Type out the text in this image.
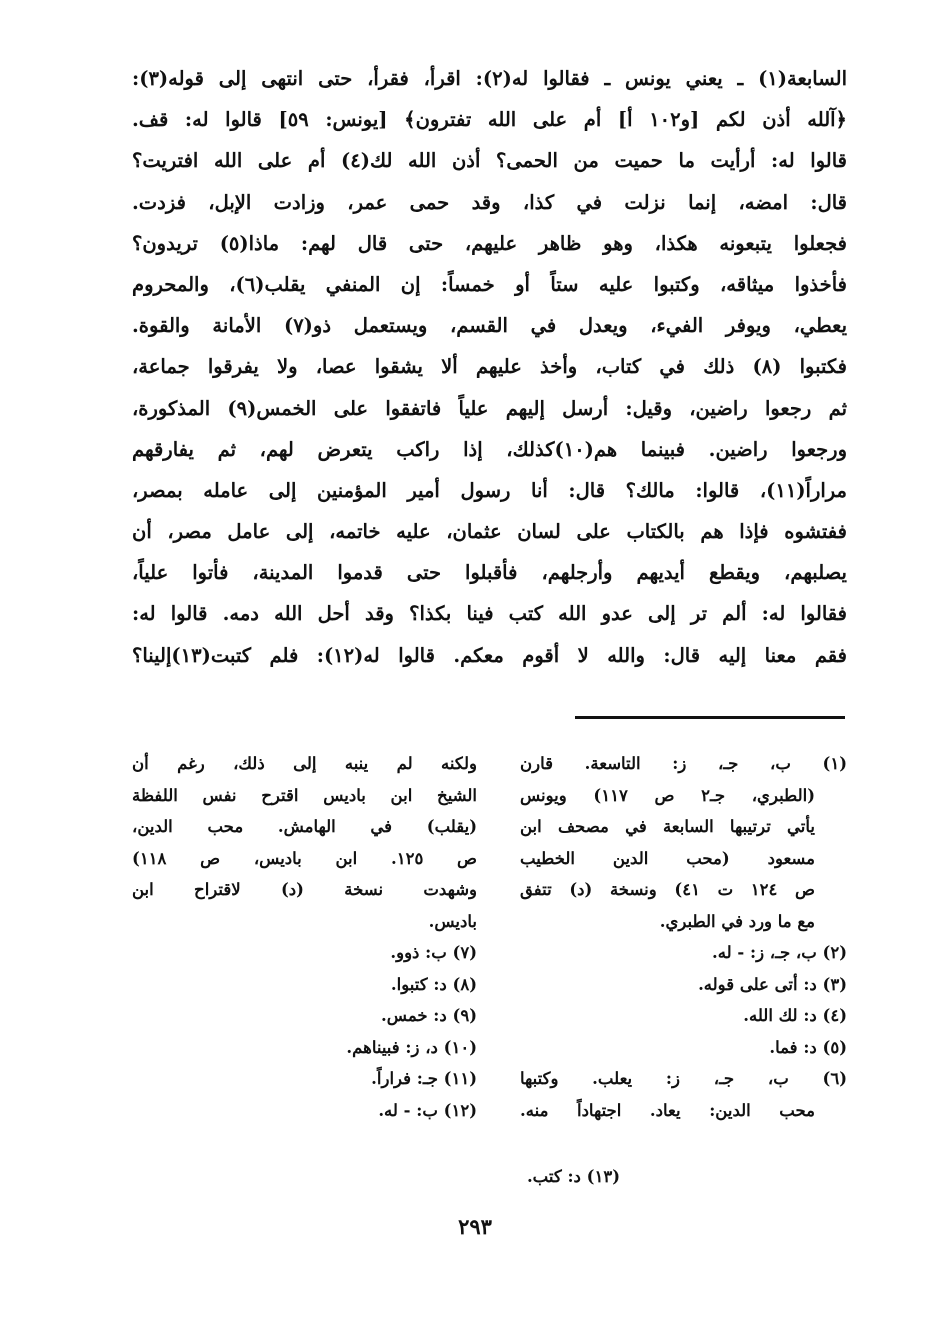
السابعة(١) ـ يعني يونس ـ فقالوا له(٢): اقرأ، فقرأ، حتى انتهى إلى قوله(٣):
﴿آلله أذن لكم [و١٠٢ أ] أم على الله تفترون﴾ [يونس: ٥٩] قالوا له: قف.
قالوا له: أرأيت ما حميت من الحمى؟ أذن الله لك(٤) أم على الله افتريت؟
قال: امضه، إنما نزلت في كذا، وقد حمى عمر، وزادت الإبل، فزدت.
فجعلوا يتبعونه هكذا، وهو ظاهر عليهم، حتى قال لهم: ماذا(٥) تريدون؟
فأخذوا ميثاقه، وكتبوا عليه ستاً أو خمساً: إن المنفي يقلب(٦)، والمحروم
يعطي، ويوفر الفيء، ويعدل في القسم، ويستعمل ذو(٧) الأمانة والقوة.
فكتبوا (٨) ذلك في كتاب، وأخذ عليهم ألا يشقوا عصا، ولا يفرقوا جماعة،
ثم رجعوا راضين، وقيل: أرسل إليهم علياً فاتفقوا على الخمس(٩) المذكورة،
ورجعوا راضين. فبينما هم(١٠)كذلك، إذا راكب يتعرض لهم، ثم يفارقهم
مراراً(١١)، قالوا: مالك؟ قال: أنا رسول أمير المؤمنين إلى عامله بمصر،
ففتشوه فإذا هم بالكتاب على لسان عثمان، عليه خاتمه، إلى عامل مصر، أن
يصلبهم، ويقطع أيديهم وأرجلهم، فأقبلوا حتى قدموا المدينة، فأتوا علياً،
فقالوا له: ألم تر إلى عدو الله كتب فينا بكذا؟ وقد أحل الله دمه. قالوا له:
فقم معنا إليه قال: والله لا أقوم معكم. قالوا له(١٢): فلم كتبت(١٣)إلينا؟
(١) ب، جـ، ز: التاسعة. قارن
(الطبري، جـ٢ ص ١١٧) ويونس
يأتي ترتيبها السابعة في مصحف ابن
مسعود (محب الدين الخطيب
ص ١٢٤ ت ٤١) ونسخة (د) تتفق
مع ما ورد في الطبري.
(٢) ب، جـ، ز: - له.
(٣) د: أتى على قوله.
(٤) د: لك الله.
(٥) د: فما.
(٦) ب، جـ، ز: يعلب. وكتبها
محب الدين: يعاد. اجتهاداً منه.
ولكنه لم ينبه إلى ذلك، رغم أن
الشيخ ابن باديس اقترح نفس اللفظة
(يقلب) في الهامش. محب الدين،
ص ١٢٥. ابن باديس، ص ١١٨)
وشهدت نسخة (د) لاقتراح ابن
باديس.
(٧) ب: ذوو.
(٨) د: كتبوا.
(٩) د: خمس.
(١٠) د، ز: فبيناهم.
(١١) جـ: فراراً.
(١٢) ب: - له.
(١٣) د: كتب.
٢٩٣
